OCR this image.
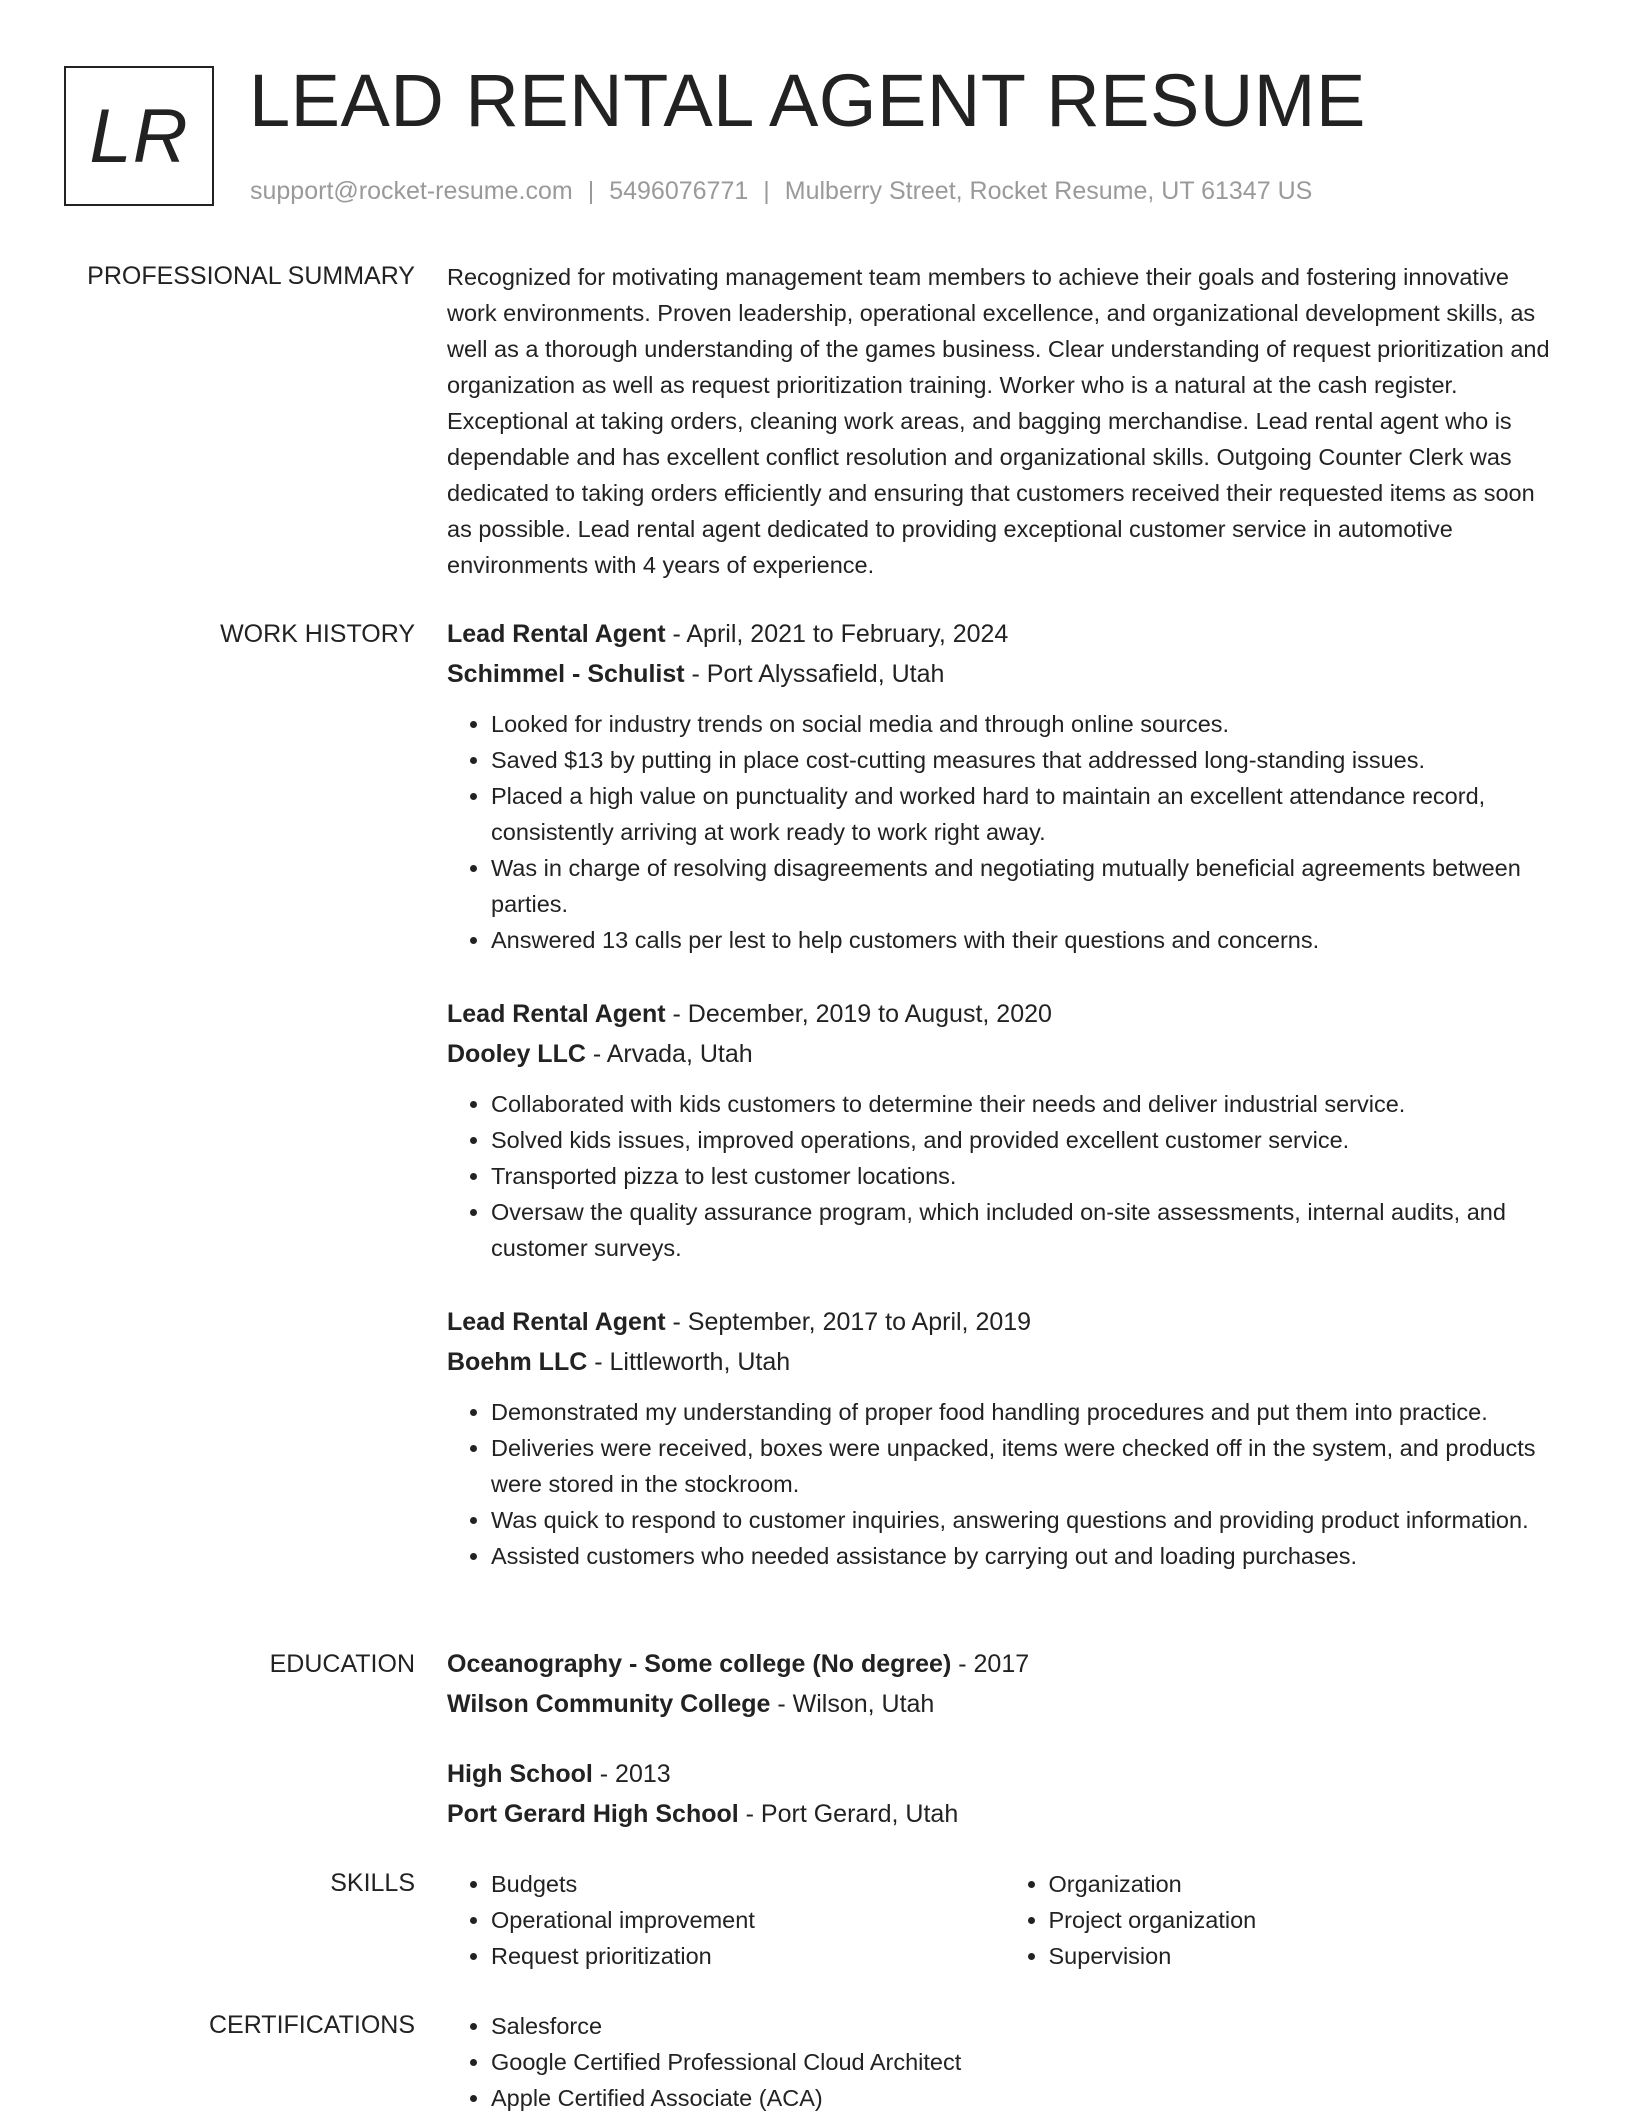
LR LEAD RENTAL AGENT RESUME
support@rocket-resume.com | 5496076771 | Mulberry Street, Rocket Resume, UT 61347 US
PROFESSIONAL SUMMARY Recognized for motivating management team members to achieve their goals and fostering innovative work environments. Proven leadership, operational excellence, and organizational development skills, as well as a thorough understanding of the games business. Clear understanding of request prioritization and organization as well as request prioritization training. Worker who is a natural at the cash register. Exceptional at taking orders, cleaning work areas, and bagging merchandise. Lead rental agent who is dependable and has excellent conflict resolution and organizational skills. Outgoing Counter Clerk was dedicated to taking orders efficiently and ensuring that customers received their requested items as soon as possible. Lead rental agent dedicated to providing exceptional customer service in automotive environments with 4 years of experience.

WORK HISTORY Lead Rental Agent - April, 2021 to February, 2024
Schimmel - Schulist - Port Alyssafield, Utah
• Looked for industry trends on social media and through online sources.
• Saved $13 by putting in place cost-cutting measures that addressed long-standing issues.
• Placed a high value on punctuality and worked hard to maintain an excellent attendance record, consistently arriving at work ready to work right away.
• Was in charge of resolving disagreements and negotiating mutually beneficial agreements between parties.
• Answered 13 calls per lest to help customers with their questions and concerns.
Lead Rental Agent - December, 2019 to August, 2020
Dooley LLC - Arvada, Utah
• Collaborated with kids customers to determine their needs and deliver industrial service.
• Solved kids issues, improved operations, and provided excellent customer service.
• Transported pizza to lest customer locations.
• Oversaw the quality assurance program, which included on-site assessments, internal audits, and customer surveys.
Lead Rental Agent - September, 2017 to April, 2019
Boehm LLC - Littleworth, Utah
• Demonstrated my understanding of proper food handling procedures and put them into practice.
• Deliveries were received, boxes were unpacked, items were checked off in the system, and products were stored in the stockroom.
• Was quick to respond to customer inquiries, answering questions and providing product information.
• Assisted customers who needed assistance by carrying out and loading purchases.
EDUCATION Oceanography - Some college (No degree) - 2017
Wilson Community College - Wilson, Utah
High School - 2013
Port Gerard High School - Port Gerard, Utah
SKILLS	• Budgets
• Operational improvement
• Request prioritization
• Organization
• Project organization
• Supervision
CERTIFICATIONS	• Salesforce
• Google Certified Professional Cloud Architect
• Apple Certified Associate (ACA)
